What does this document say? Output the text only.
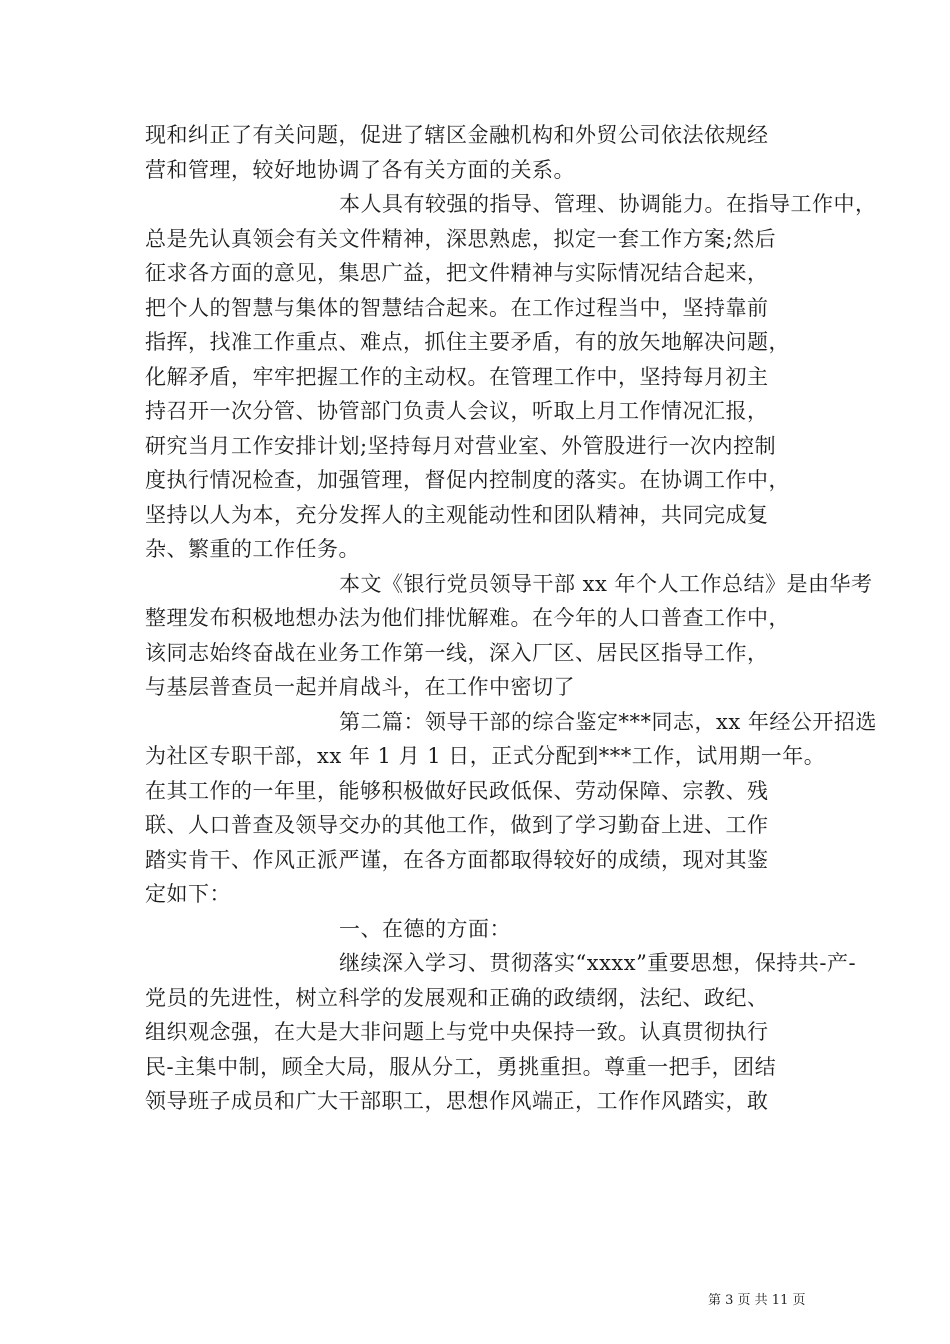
现和纠正了有关问题，促进了辖区金融机构和外贸公司依法依规经
营和管理，较好地协调了各有关方面的关系。
本人具有较强的指导、管理、协调能力。在指导工作中，
总是先认真领会有关文件精神，深思熟虑，拟定一套工作方案;然后
征求各方面的意见，集思广益，把文件精神与实际情况结合起来，
把个人的智慧与集体的智慧结合起来。在工作过程当中，坚持靠前
指挥，找准工作重点、难点，抓住主要矛盾，有的放矢地解决问题，
化解矛盾，牢牢把握工作的主动权。在管理工作中，坚持每月初主
持召开一次分管、协管部门负责人会议，听取上月工作情况汇报，
研究当月工作安排计划;坚持每月对营业室、外管股进行一次内控制
度执行情况检查，加强管理，督促内控制度的落实。在协调工作中，
坚持以人为本，充分发挥人的主观能动性和团队精神，共同完成复
杂、繁重的工作任务。
本文《银行党员领导干部 xx 年个人工作总结》是由华考
整理发布积极地想办法为他们排忧解难。在今年的人口普查工作中，
该同志始终奋战在业务工作第一线，深入厂区、居民区指导工作，
与基层普查员一起并肩战斗，在工作中密切了
第二篇：领导干部的综合鉴定***同志，xx 年经公开招选
为社区专职干部，xx 年 1 月 1 日，正式分配到***工作，试用期一年。
在其工作的一年里，能够积极做好民政低保、劳动保障、宗教、残
联、人口普查及领导交办的其他工作，做到了学习勤奋上进、工作
踏实肯干、作风正派严谨，在各方面都取得较好的成绩，现对其鉴
定如下：
一、在德的方面：
继续深入学习、贯彻落实“xxxx”重要思想，保持共-产-
党员的先进性，树立科学的发展观和正确的政绩纲，法纪、政纪、
组织观念强，在大是大非问题上与党中央保持一致。认真贯彻执行
民-主集中制，顾全大局，服从分工，勇挑重担。尊重一把手，团结
领导班子成员和广大干部职工，思想作风端正，工作作风踏实，敢
第 3 页 共 11 页
